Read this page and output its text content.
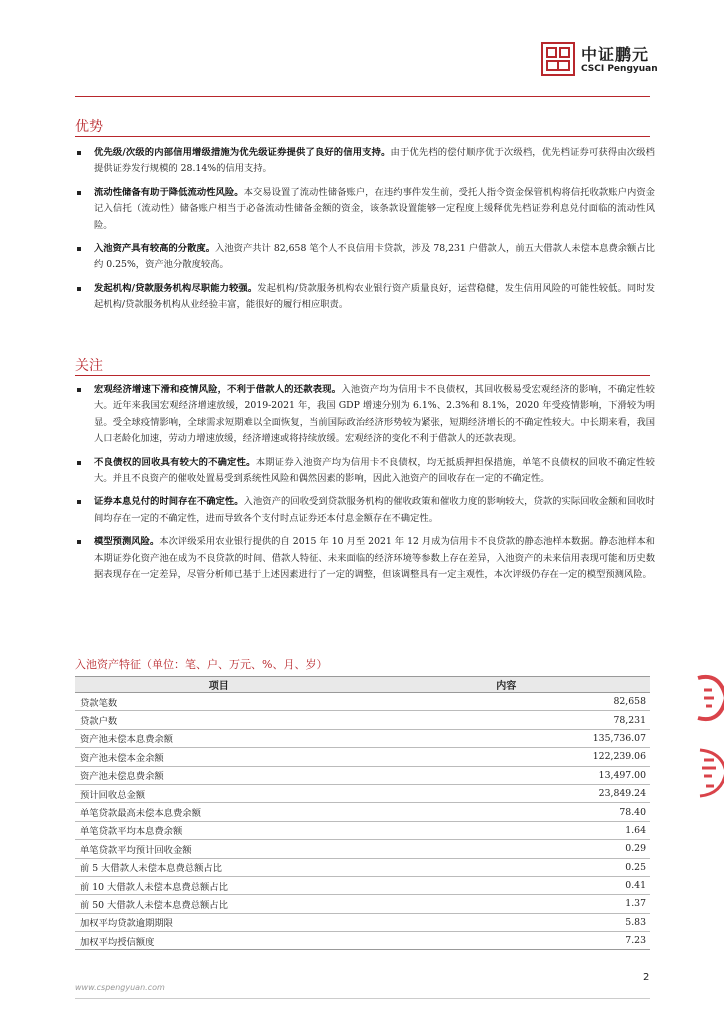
中证鹏元
CSCI Pengyuan
优势
优先级/次级的内部信用增级措施为优先级证券提供了良好的信用支持。由于优先档的偿付顺序优于次级档，优先档证券可获得由次级档提供证券发行规模的 28.14%的信用支持。
流动性储备有助于降低流动性风险。本交易设置了流动性储备账户，在违约事件发生前，受托人指令资金保管机构将信托收款账户内资金记入信托（流动性）储备账户相当于必备流动性储备金额的资金，该条款设置能够一定程度上缓释优先档证券利息兑付面临的流动性风险。
入池资产具有较高的分散度。入池资产共计 82,658 笔个人不良信用卡贷款，涉及 78,231 户借款人，前五大借款人未偿本息费余额占比约 0.25%，资产池分散度较高。
发起机构/贷款服务机构尽职能力较强。发起机构/贷款服务机构农业银行资产质量良好，运营稳健，发生信用风险的可能性较低。同时发起机构/贷款服务机构从业经验丰富，能很好的履行相应职责。
关注
宏观经济增速下滑和疫情风险，不利于借款人的还款表现。入池资产均为信用卡不良债权，其回收极易受宏观经济的影响，不确定性较大。近年来我国宏观经济增速放缓，2019-2021 年，我国 GDP 增速分别为 6.1%、2.3%和 8.1%，2020 年受疫情影响，下滑较为明显。受全球疫情影响，全球需求短期难以全面恢复，当前国际政治经济形势较为紧张，短期经济增长的不确定性较大。中长期来看，我国人口老龄化加速，劳动力增速放缓，经济增速或将持续放缓。宏观经济的变化不利于借款人的还款表现。
不良债权的回收具有较大的不确定性。本期证券入池资产均为信用卡不良债权，均无抵质押担保措施，单笔不良债权的回收不确定性较大。并且不良资产的催收处置易受到系统性风险和偶然因素的影响，因此入池资产的回收存在一定的不确定性。
证券本息兑付的时间存在不确定性。入池资产的回收受到贷款服务机构的催收政策和催收力度的影响较大，贷款的实际回收金额和回收时间均存在一定的不确定性，进而导致各个支付时点证券还本付息金额存在不确定性。
模型预测风险。本次评级采用农业银行提供的自 2015 年 10 月至 2021 年 12 月成为信用卡不良贷款的静态池样本数据。静态池样本和本期证券化资产池在成为不良贷款的时间、借款人特征、未来面临的经济环境等参数上存在差异，入池资产的未来信用表现可能和历史数据表现存在一定差异，尽管分析师已基于上述因素进行了一定的调整，但该调整具有一定主观性，本次评级仍存在一定的模型预测风险。
入池资产特征（单位：笔、户、万元、%、月、岁）
项目	内容
贷款笔数	82,658
贷款户数	78,231
资产池未偿本息费余额	135,736.07
资产池未偿本金余额	122,239.06
资产池未偿息费余额	13,497.00
预计回收总金额	23,849.24
单笔贷款最高未偿本息费余额	78.40
单笔贷款平均本息费余额	1.64
单笔贷款平均预计回收金额	0.29
前 5 大借款人未偿本息费总额占比	0.25
前 10 大借款人未偿本息费总额占比	0.41
前 50 大借款人未偿本息费总额占比	1.37
加权平均贷款逾期期限	5.83
加权平均授信额度	7.23
2
www.cspengyuan.com
